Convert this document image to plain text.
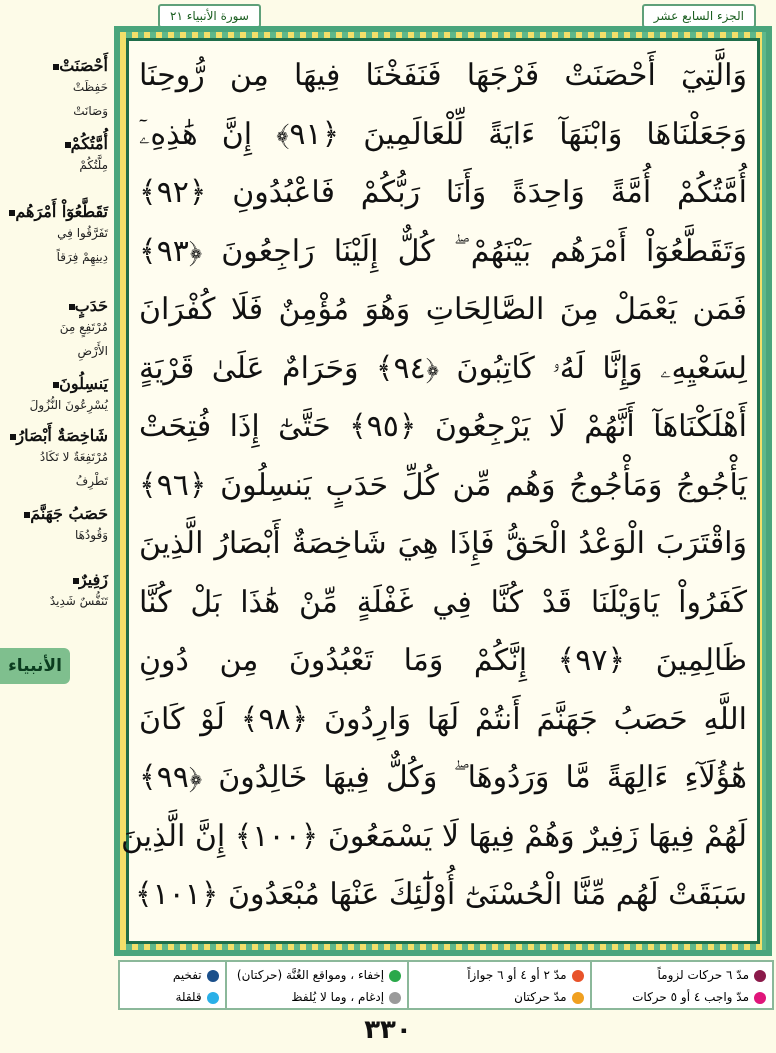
الجزء السابع عشر
سورة الأنبياء ٢١
وَالَّتِيٓ أَحْصَنَتْ فَرْجَهَا فَنَفَخْنَا فِيهَا مِن رُّوحِنَا
وَجَعَلْنَاهَا وَابْنَهَآ ءَايَةً لِّلْعَالَمِينَ ﴿٩١﴾ إِنَّ هَٰذِهِۦٓ
أُمَّتُكُمْ أُمَّةً وَاحِدَةً وَأَنَا رَبُّكُمْ فَاعْبُدُونِ ﴿٩٢﴾
وَتَقَطَّعُوٓاْ أَمْرَهُم بَيْنَهُمْ ۖ كُلٌّ إِلَيْنَا رَاجِعُونَ ﴿٩٣﴾
فَمَن يَعْمَلْ مِنَ الصَّالِحَاتِ وَهُوَ مُؤْمِنٌ فَلَا كُفْرَانَ
لِسَعْيِهِۦ وَإِنَّا لَهُۥ كَاتِبُونَ ﴿٩٤﴾ وَحَرَامٌ عَلَىٰ قَرْيَةٍ
أَهْلَكْنَاهَآ أَنَّهُمْ لَا يَرْجِعُونَ ﴿٩٥﴾ حَتَّىٰٓ إِذَا فُتِحَتْ
يَأْجُوجُ وَمَأْجُوجُ وَهُم مِّن كُلِّ حَدَبٍ يَنسِلُونَ ﴿٩٦﴾
وَاقْتَرَبَ الْوَعْدُ الْحَقُّ فَإِذَا هِيَ شَاخِصَةٌ أَبْصَارُ الَّذِينَ
كَفَرُواْ يَاوَيْلَنَا قَدْ كُنَّا فِي غَفْلَةٍ مِّنْ هَٰذَا بَلْ كُنَّا
ظَالِمِينَ ﴿٩٧﴾ إِنَّكُمْ وَمَا تَعْبُدُونَ مِن دُونِ
اللَّهِ حَصَبُ جَهَنَّمَ أَنتُمْ لَهَا وَارِدُونَ ﴿٩٨﴾ لَوْ كَانَ
هَٰٓؤُلَآءِ ءَالِهَةً مَّا وَرَدُوهَا ۖ وَكُلٌّ فِيهَا خَالِدُونَ ﴿٩٩﴾
لَهُمْ فِيهَا زَفِيرٌ وَهُمْ فِيهَا لَا يَسْمَعُونَ ﴿١٠٠﴾ إِنَّ الَّذِينَ
سَبَقَتْ لَهُم مِّنَّا الْحُسْنَىٰٓ أُوْلَٰٓئِكَ عَنْهَا مُبْعَدُونَ ﴿١٠١﴾
أَحْصَنَتْ
حَفِظَتْ
وَصَانَتْ
أُمَّتُكُمْ
مِلَّتُكُمْ
تَقَطَّعُوٓاْ أَمْرَهُم
تَفَرَّقُوا فِي
دِينِهِمْ فِرَقاً
حَدَبٍ
مُرْتَفِعٍ مِنَ
الأَرْضِ
يَنسِلُونَ
يُسْرِعُونَ النُّزُولَ
شَاخِصَةٌ أَبْصَارُ
مُرْتَفِعَةٌ لا تَكَادُ
تَطْرِفُ
حَصَبُ جَهَنَّمَ
وَقُودُهَا
زَفِيرٌ
تَنَفُّسٌ شَدِيدٌ
الأنبياء
مدّ ٦ حركات لزوماً
مدّ واجب ٤ أو ٥ حركات
مدّ ٢ أو ٤ أو ٦ جوازاً
مدّ حركتان
إخفاء ، ومواقع الغُنَّة (حركتان)
إدغام ، وما لا يُلفظ
تفخيم
قلقلة
٣٣٠
